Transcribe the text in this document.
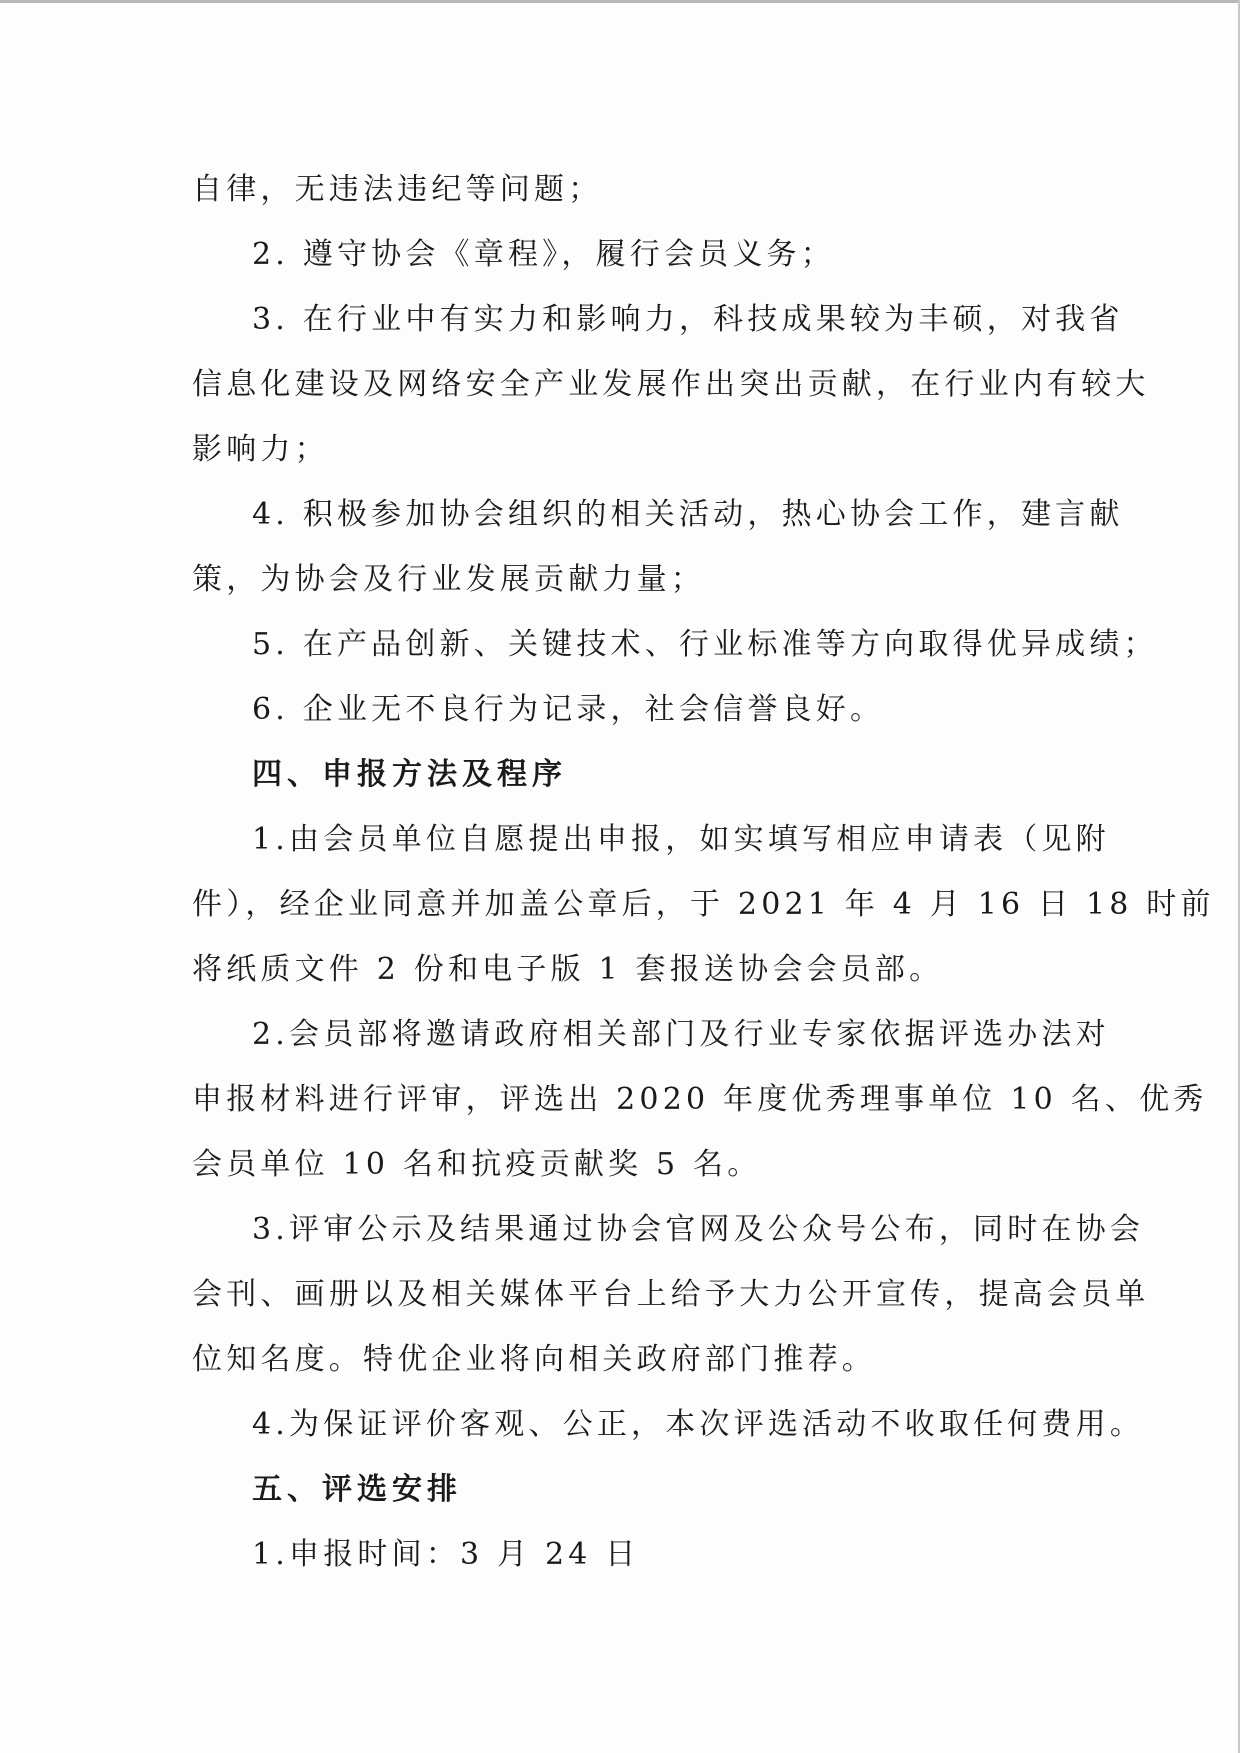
自律，无违法违纪等问题；
2. 遵守协会《章程》，履行会员义务；
3. 在行业中有实力和影响力，科技成果较为丰硕，对我省
信息化建设及网络安全产业发展作出突出贡献，在行业内有较大
影响力；
4. 积极参加协会组织的相关活动，热心协会工作，建言献
策，为协会及行业发展贡献力量；
5. 在产品创新、关键技术、行业标准等方向取得优异成绩；
6. 企业无不良行为记录，社会信誉良好。
四、申报方法及程序
1.由会员单位自愿提出申报，如实填写相应申请表（见附
件），经企业同意并加盖公章后，于 2021 年 4 月 16 日 18 时前
将纸质文件 2 份和电子版 1 套报送协会会员部。
2.会员部将邀请政府相关部门及行业专家依据评选办法对
申报材料进行评审，评选出 2020 年度优秀理事单位 10 名、优秀
会员单位 10 名和抗疫贡献奖 5 名。
3.评审公示及结果通过协会官网及公众号公布，同时在协会
会刊、画册以及相关媒体平台上给予大力公开宣传，提高会员单
位知名度。特优企业将向相关政府部门推荐。
4.为保证评价客观、公正，本次评选活动不收取任何费用。
五、评选安排
1.申报时间：3 月 24 日
